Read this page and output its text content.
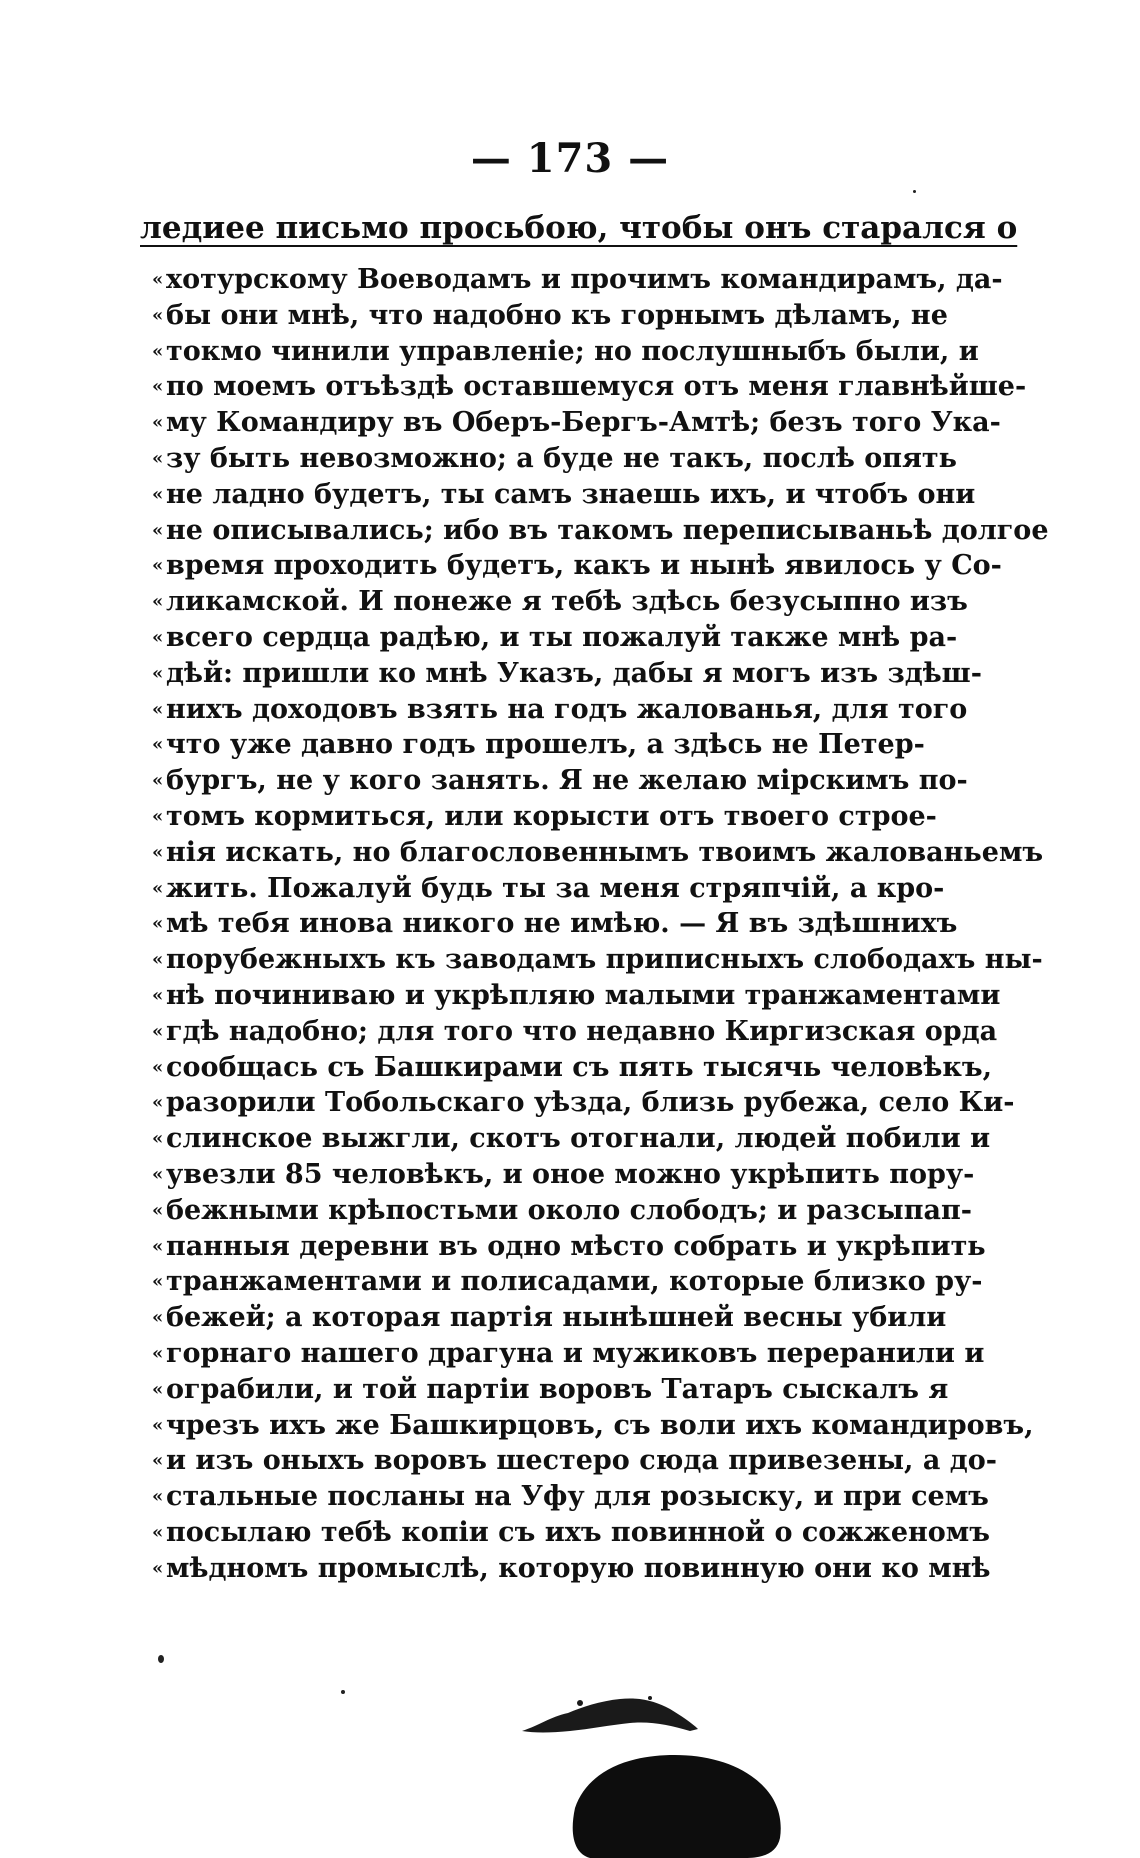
— 173 —
ледиее письмо просьбою, чтобы онъ старался о
« хотурскому Воеводамъ и прочимъ командирамъ, да-
« бы они мнѣ, что надобно къ горнымъ дѣламъ, не
« токмо чинили управленіе; но послушныбъ были, и
« по моемъ отъѣздѣ оставшемуся отъ меня главнѣйше-
« му Командиру въ Оберъ-Бергъ-Амтѣ; безъ того Ука-
« зу быть невозможно; а буде не такъ, послѣ опять
« не ладно будетъ, ты самъ знаешь ихъ, и чтобъ они
« не описывались; ибо въ такомъ переписываньѣ долгое
« время проходить будетъ, какъ и нынѣ явилось у Со-
« ликамской. И понеже я тебѣ здѣсь безусыпно изъ
« всего сердца радѣю, и ты пожалуй также мнѣ ра-
« дѣй: пришли ко мнѣ Указъ, дабы я могъ изъ здѣш-
« нихъ доходовъ взять на годъ жалованья, для того
« что уже давно годъ прошелъ, а здѣсь не Петер-
« бургъ, не у кого занять. Я не желаю мірскимъ по-
« томъ кормиться, или корысти отъ твоего строе-
« нія искать, но благословеннымъ твоимъ жалованьемъ
« жить. Пожалуй будь ты за меня стряпчій, а кро-
« мѣ тебя инова никого не имѣю. — Я въ здѣшнихъ
« порубежныхъ къ заводамъ приписныхъ слободахъ ны-
« нѣ починиваю и укрѣпляю малыми транжаментами
« гдѣ надобно; для того что недавно Киргизская орда
« сообщась съ Башкирами съ пять тысячь человѣкъ,
« разорили Тобольскаго уѣзда, близь рубежа, село Ки-
« слинское выжгли, скотъ отогнали, людей побили и
« увезли 85 человѣкъ, и оное можно укрѣпить пору-
« бежными крѣпостьми около слободъ; и разсыпап-
« панныя деревни въ одно мѣсто собрать и укрѣпить
« транжаментами и полисадами, которые близко ру-
« бежей; а которая партія нынѣшней весны убили
« горнаго нашего драгуна и мужиковъ переранили и
« ограбили, и той партіи воровъ Татаръ сыскалъ я
« чрезъ ихъ же Башкирцовъ, съ воли ихъ командировъ,
« и изъ оныхъ воровъ шестеро сюда привезены, а до-
« стальные посланы на Уфу для розыску, и при семъ
« посылаю тебѣ копіи съ ихъ повинной о сожженомъ
« мѣдномъ промыслѣ, которую повинную они ко мнѣ
